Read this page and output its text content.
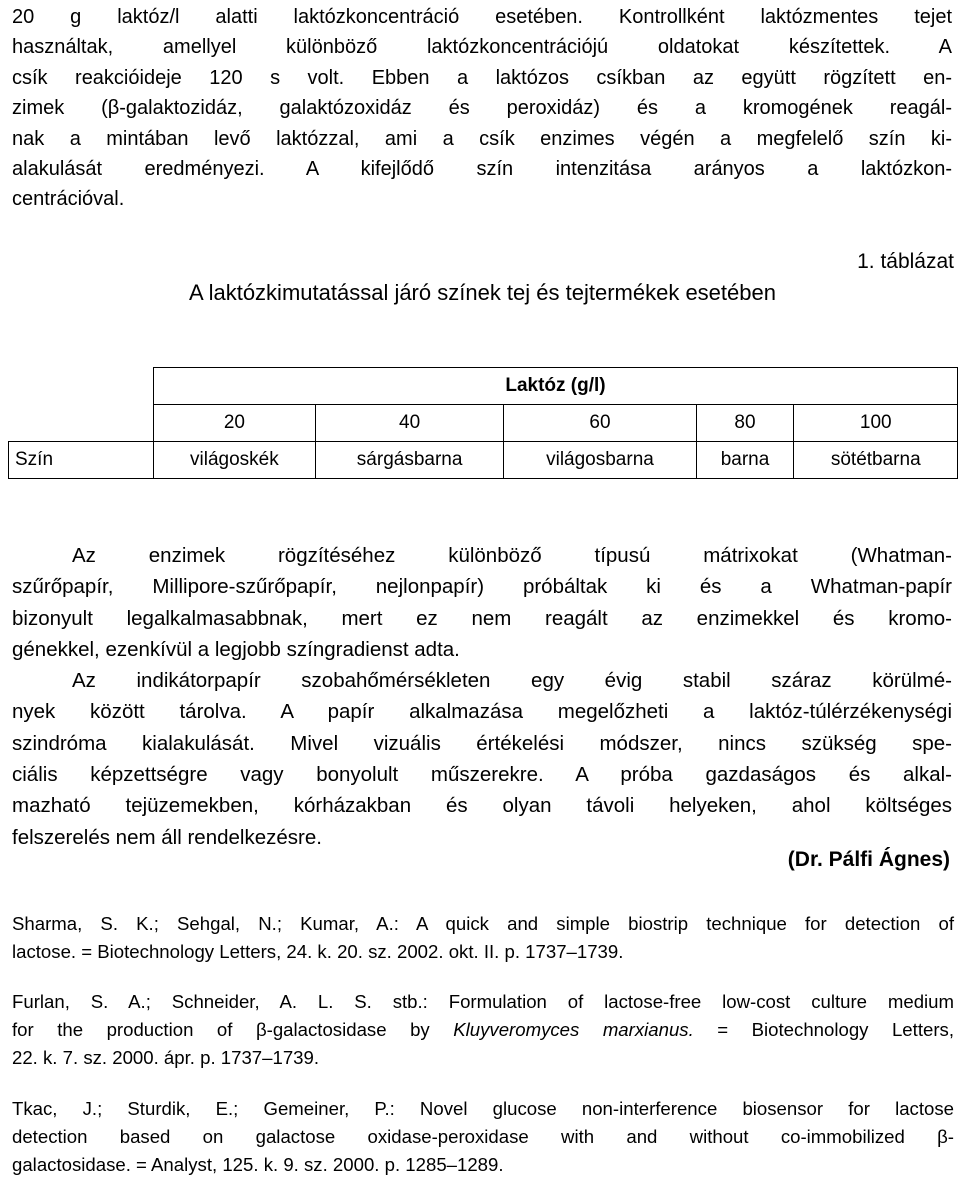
20 g laktóz/l alatti laktózkoncentráció esetében. Kontrollként laktózmentes tejet
használtak, amellyel különböző laktózkoncentrációjú oldatokat készítettek. A
csík reakcióideje 120 s volt. Ebben a laktózos csíkban az együtt rögzített en-
zimek (β-galaktozidáz, galaktózoxidáz és peroxidáz) és a kromogének reagál-
nak a mintában levő laktózzal, ami a csík enzimes végén a megfelelő szín ki-
alakulását eredményezi. A kifejlődő szín intenzitása arányos a laktózkon-
centrációval.
1. táblázat
A laktózkimutatással járó színek tej és tejtermékek esetében
	Laktóz (g/l)				
	20	40	60	80	100
Szín	világoskék	sárgásbarna	világosbarna	barna	sötétbarna
Az enzimek rögzítéséhez különböző típusú mátrixokat (Whatman-
szűrőpapír, Millipore-szűrőpapír, nejlonpapír) próbáltak ki és a Whatman-papír
bizonyult legalkalmasabbnak, mert ez nem reagált az enzimekkel és kromo-
génekkel, ezenkívül a legjobb színgradienst adta.
Az indikátorpapír szobahőmérsékleten egy évig stabil száraz körülmé-
nyek között tárolva. A papír alkalmazása megelőzheti a laktóz-túlérzékenységi
szindróma kialakulását. Mivel vizuális értékelési módszer, nincs szükség spe-
ciális képzettségre vagy bonyolult műszerekre. A próba gazdaságos és alkal-
mazható tejüzemekben, kórházakban és olyan távoli helyeken, ahol költséges
felszerelés nem áll rendelkezésre.
(Dr. Pálfi Ágnes)
Sharma, S. K.; Sehgal, N.; Kumar, A.: A quick and simple biostrip technique for detection of
lactose. = Biotechnology Letters, 24. k. 20. sz. 2002. okt. II. p. 1737–1739.
Furlan, S. A.; Schneider, A. L. S. stb.: Formulation of lactose-free low-cost culture medium
for the production of β-galactosidase by Kluyveromyces marxianus. = Biotechnology Letters,
22. k. 7. sz. 2000. ápr. p. 1737–1739.
Tkac, J.; Sturdik, E.; Gemeiner, P.: Novel glucose non-interference biosensor for lactose
detection based on galactose oxidase-peroxidase with and without co-immobilized β-
galactosidase. = Analyst, 125. k. 9. sz. 2000. p. 1285–1289.
